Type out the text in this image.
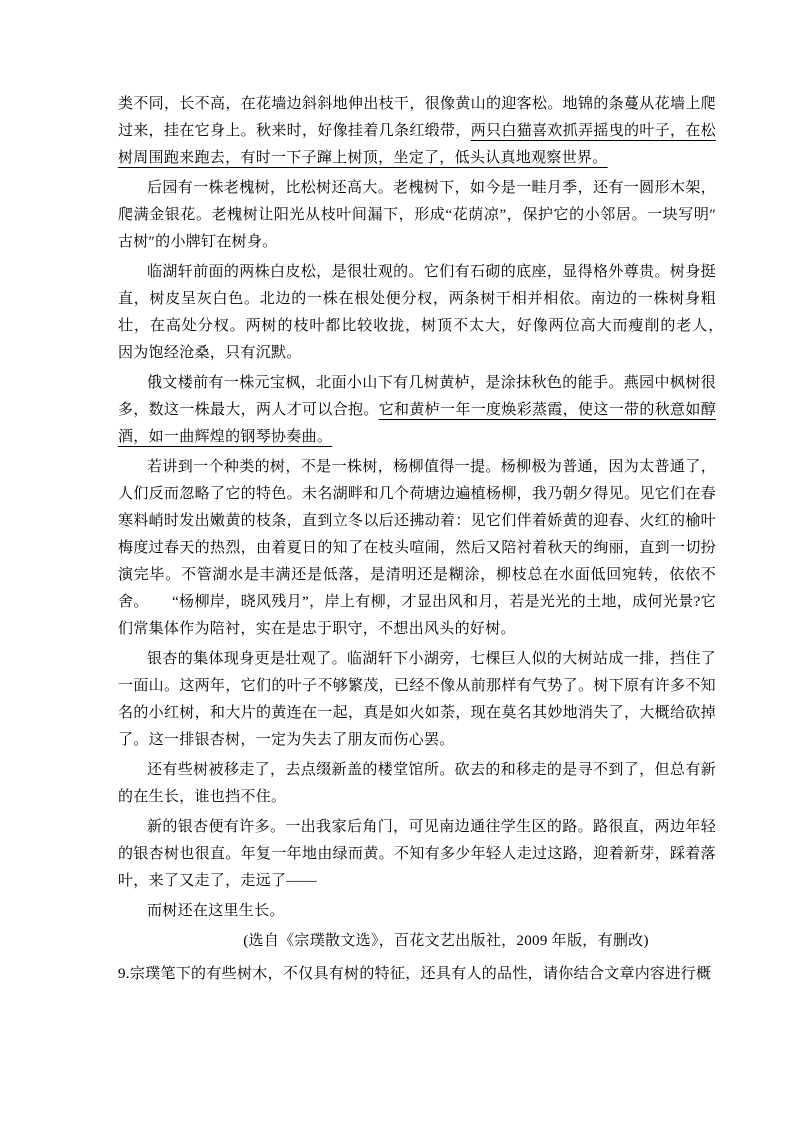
类不同，长不高，在花墙边斜斜地伸出枝干，很像黄山的迎客松。地锦的条蔓从花墙上爬过来，挂在它身上。秋来时，好像挂着几条红缎带，两只白猫喜欢抓弄摇曳的叶子，在松树周围跑来跑去，有时一下子蹿上树顶，坐定了，低头认真地观察世界。

后园有一株老槐树，比松树还高大。老槐树下，如今是一畦月季，还有一圆形木架，爬满金银花。老槐树让阳光从枝叶间漏下，形成“花荫凉”，保护它的小邻居。一块写明″古树″的小牌钉在树身。

临湖轩前面的两株白皮松，是很壮观的。它们有石砌的底座，显得格外尊贵。树身挺直，树皮呈灰白色。北边的一株在根处便分杈，两条树干相并相依。南边的一株树身粗壮，在高处分杈。两树的枝叶都比较收拢，树顶不太大，好像两位高大而瘦削的老人，　　因为饱经沧桑，只有沉默。

俄文楼前有一株元宝枫，北面小山下有几树黄栌，是涂抹秋色的能手。燕园中枫树很多，数这一株最大，两人才可以合抱。它和黄栌一年一度焕彩蒸霞，使这一带的秋意如醇酒，如一曲辉煌的钢琴协奏曲。

若讲到一个种类的树，不是一株树，杨柳值得一提。杨柳极为普通，因为太普通了，人们反而忽略了它的特色。未名湖畔和几个荷塘边遍植杨柳，我乃朝夕得见。见它们在春寒料峭时发出嫩黄的枝条，直到立冬以后还拂动着：见它们伴着娇黄的迎春、火红的榆叶梅度过春天的热烈，由着夏日的知了在枝头喧闹，然后又陪衬着秋天的绚丽，直到一切扮演完毕。不管湖水是丰满还是低落，是清明还是糊涂，柳枝总在水面低回宛转，依依不舍。　　“杨柳岸，晓风残月”，岸上有柳，才显出风和月，若是光光的土地，成何光景?它们常集体作为陪衬，实在是忠于职守，不想出风头的好树。

银杏的集体现身更是壮观了。临湖轩下小湖旁，七棵巨人似的大树站成一排，挡住了一面山。这两年，它们的叶子不够繁茂，已经不像从前那样有气势了。树下原有许多不知名的小红树，和大片的黄连在一起，真是如火如荼，现在莫名其妙地消失了，大概给砍掉了。这一排银杏树，一定为失去了朋友而伤心罢。

还有些树被移走了，去点缀新盖的楼堂馆所。砍去的和移走的是寻不到了，但总有新的在生长，谁也挡不住。

新的银杏便有许多。一出我家后角门，可见南边通往学生区的路。路很直，两边年轻的银杏树也很直。年复一年地由绿而黄。不知有多少年轻人走过这路，迎着新芽，踩着落叶，来了又走了，走远了——

而树还在这里生长。

(选自《宗璞散文选》，百花文艺出版社，2009 年版，有删改)

9.宗璞笔下的有些树木，不仅具有树的特征，还具有人的品性，请你结合文章内容进行概
